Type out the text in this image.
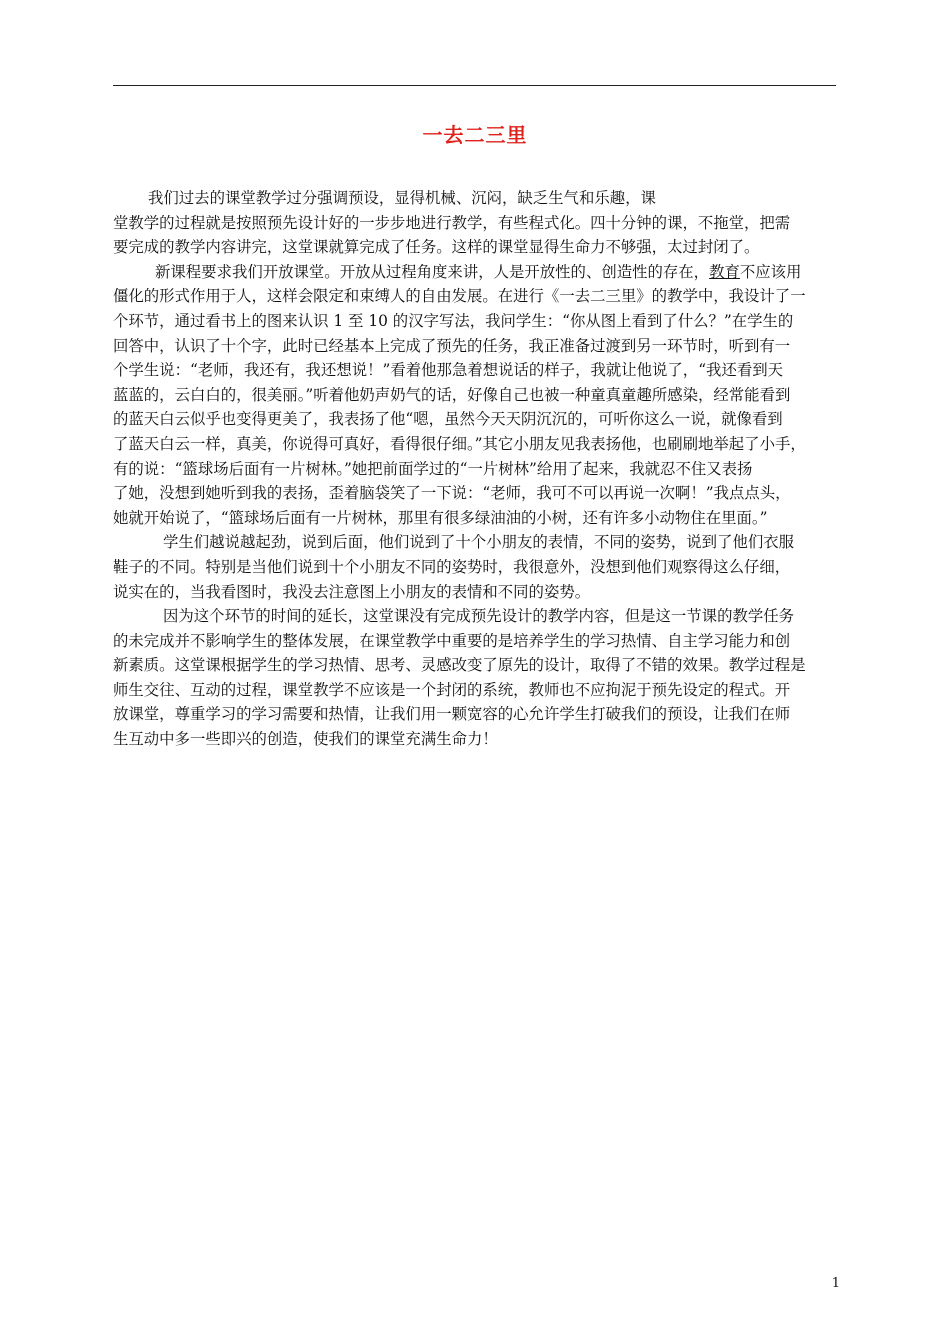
一去二三里
我们过去的课堂教学过分强调预设，显得机械、沉闷，缺乏生气和乐趣，课
堂教学的过程就是按照预先设计好的一步步地进行教学，有些程式化。四十分钟的课，不拖堂，把需
要完成的教学内容讲完，这堂课就算完成了任务。这样的课堂显得生命力不够强，太过封闭了。
新课程要求我们开放课堂。开放从过程角度来讲，人是开放性的、创造性的存在，教育不应该用
僵化的形式作用于人，这样会限定和束缚人的自由发展。在进行《一去二三里》的教学中，我设计了一
个环节，通过看书上的图来认识 1 至 10 的汉字写法，我问学生：“你从图上看到了什么？”在学生的
回答中，认识了十个字，此时已经基本上完成了预先的任务，我正准备过渡到另一环节时，听到有一
个学生说：“老师，我还有，我还想说！”看着他那急着想说话的样子，我就让他说了，“我还看到天
蓝蓝的，云白白的，很美丽。”听着他奶声奶气的话，好像自己也被一种童真童趣所感染，经常能看到
的蓝天白云似乎也变得更美了，我表扬了他“嗯，虽然今天天阴沉沉的，可听你这么一说，就像看到
了蓝天白云一样，真美，你说得可真好，看得很仔细。”其它小朋友见我表扬他，也刷刷地举起了小手，
有的说：“篮球场后面有一片树林。”她把前面学过的“一片树林”给用了起来，我就忍不住又表扬
了她，没想到她听到我的表扬，歪着脑袋笑了一下说：“老师，我可不可以再说一次啊！”我点点头，
她就开始说了，“篮球场后面有一片树林，那里有很多绿油油的小树，还有许多小动物住在里面。”
学生们越说越起劲，说到后面，他们说到了十个小朋友的表情，不同的姿势，说到了他们衣服
鞋子的不同。特别是当他们说到十个小朋友不同的姿势时，我很意外，没想到他们观察得这么仔细，
说实在的，当我看图时，我没去注意图上小朋友的表情和不同的姿势。
因为这个环节的时间的延长，这堂课没有完成预先设计的教学内容，但是这一节课的教学任务
的未完成并不影响学生的整体发展，在课堂教学中重要的是培养学生的学习热情、自主学习能力和创
新素质。这堂课根据学生的学习热情、思考、灵感改变了原先的设计，取得了不错的效果。教学过程是
师生交往、互动的过程，课堂教学不应该是一个封闭的系统，教师也不应拘泥于预先设定的程式。开
放课堂，尊重学习的学习需要和热情，让我们用一颗宽容的心允许学生打破我们的预设，让我们在师
生互动中多一些即兴的创造，使我们的课堂充满生命力！
1
